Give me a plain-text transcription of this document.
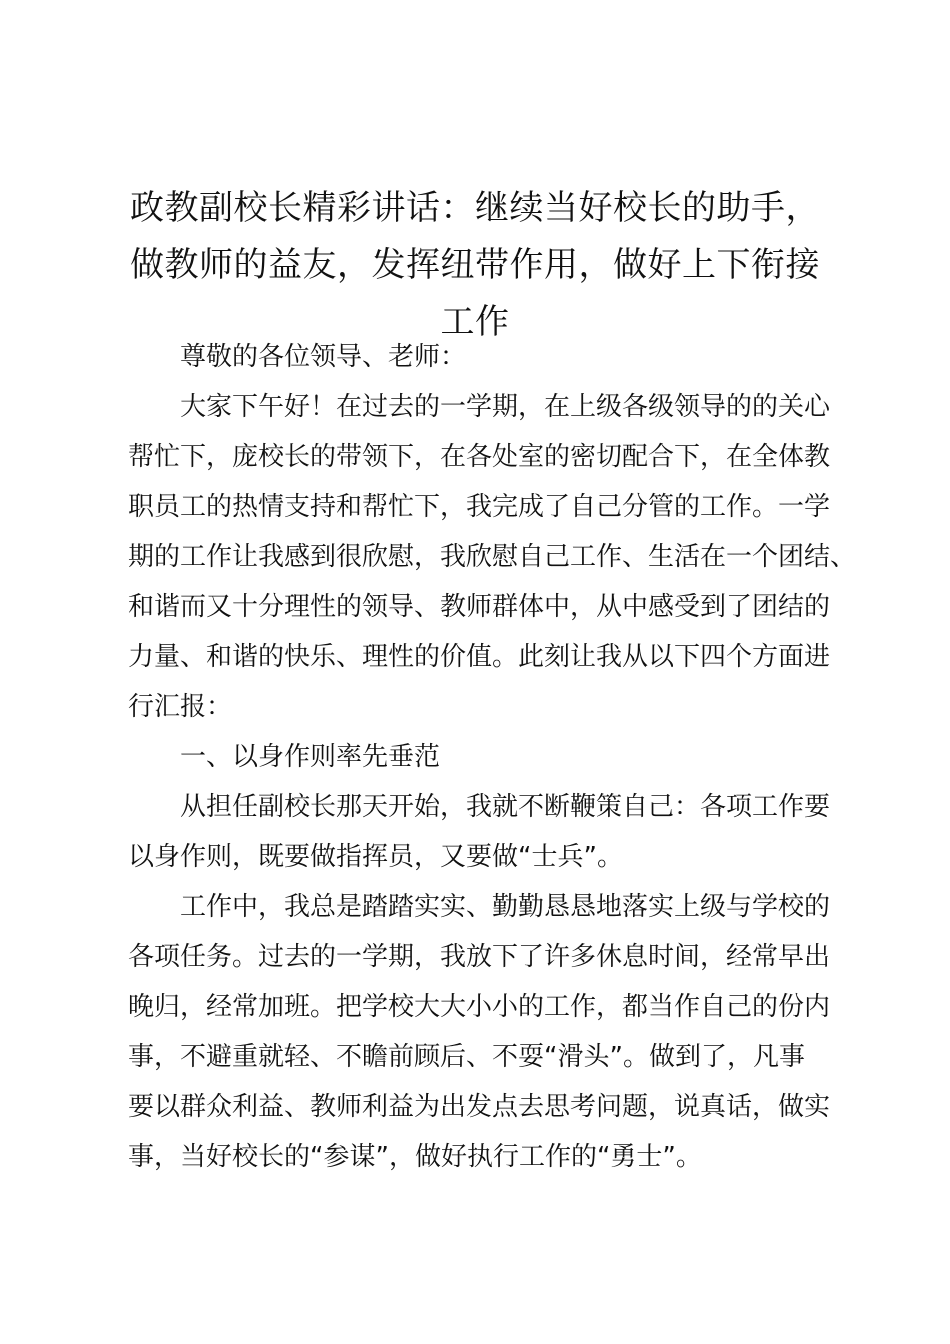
政教副校长精彩讲话：继续当好校长的助手，
做教师的益友，发挥纽带作用，做好上下衔接
工作

尊敬的各位领导、老师：

大家下午好！在过去的一学期，在上级各级领导的的关心
帮忙下，庞校长的带领下，在各处室的密切配合下，在全体教
职员工的热情支持和帮忙下，我完成了自己分管的工作。一学
期的工作让我感到很欣慰，我欣慰自己工作、生活在一个团结、
和谐而又十分理性的领导、教师群体中，从中感受到了团结的
力量、和谐的快乐、理性的价值。此刻让我从以下四个方面进
行汇报：

一、以身作则率先垂范

从担任副校长那天开始，我就不断鞭策自己：各项工作要
以身作则，既要做指挥员，又要做“士兵”。

工作中，我总是踏踏实实、勤勤恳恳地落实上级与学校的
各项任务。过去的一学期，我放下了许多休息时间，经常早出
晚归，经常加班。把学校大大小小的工作，都当作自己的份内
事，不避重就轻、不瞻前顾后、不耍“滑头”。做到了，凡事
要以群众利益、教师利益为出发点去思考问题，说真话，做实
事，当好校长的“参谋”，做好执行工作的“勇士”。
